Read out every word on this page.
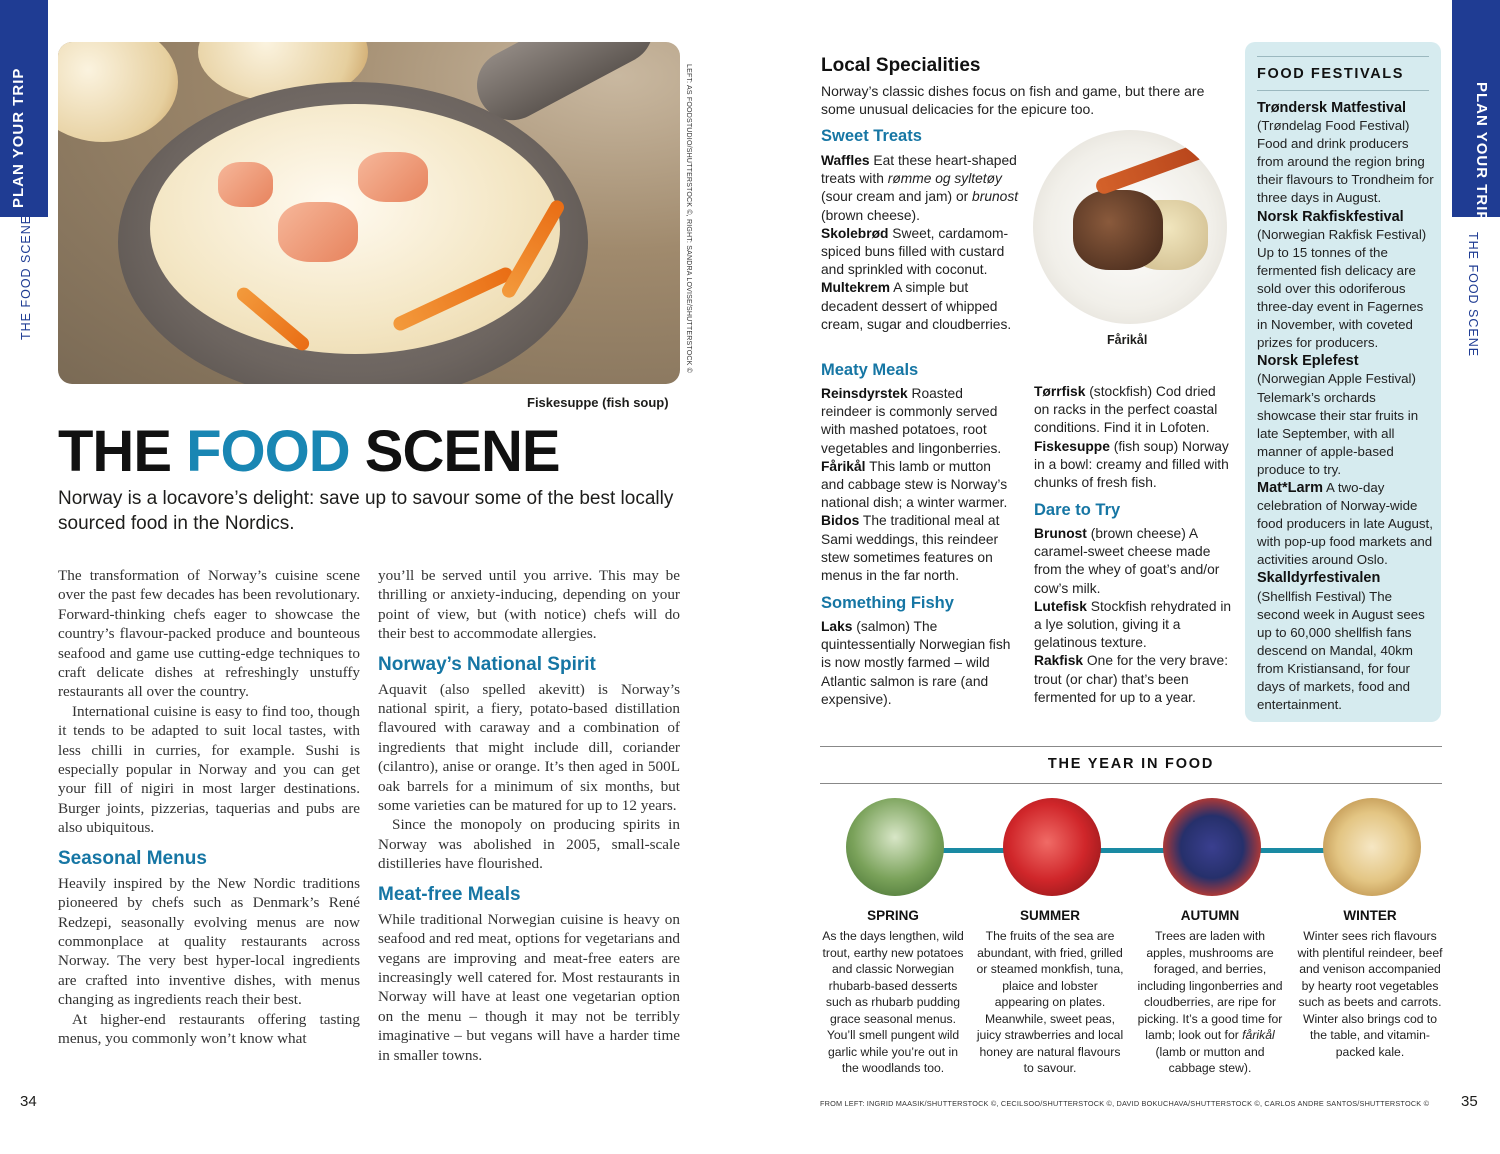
PLAN YOUR TRIP
THE FOOD SCENE
PLAN YOUR TRIP
THE FOOD SCENE
34	35
LEFT: AS FOODSTUDIO/SHUTTERSTOCK ©, RIGHT: SANDRA LOVISE/SHUTTERSTOCK ©
Fiskesuppe (fish soup)
THE FOOD SCENE

Norway is a locavore’s delight: save up to savour some of the best locally sourced food in the Nordics.

The transformation of Norway’s cuisine scene over the past few decades has been revolutionary. Forward-thinking chefs eager to showcase the country’s flavour-packed produce and bounteous seafood and game use cutting-edge techniques to craft delicate dishes at refreshingly unstuffy restaurants all over the country.

International cuisine is easy to find too, though it tends to be adapted to suit local tastes, with less chilli in curries, for example. Sushi is especially popular in Norway and you can get your fill of nigiri in most larger destinations. Burger joints, pizzerias, taquerias and pubs are also ubiquitous.

Seasonal Menus

Heavily inspired by the New Nordic traditions pioneered by chefs such as Denmark’s René Redzepi, seasonally evolving menus are now commonplace at quality restaurants across Norway. The very best hyper-local ingredients are crafted into inventive dishes, with menus changing as ingredients reach their best.

At higher-end restaurants offering tasting menus, you commonly won’t know what

you’ll be served until you arrive. This may be thrilling or anxiety-inducing, depending on your point of view, but (with notice) chefs will do their best to accommodate allergies.

Norway’s National Spirit

Aquavit (also spelled akevitt) is Norway’s national spirit, a fiery, potato-based distillation flavoured with caraway and a combination of ingredients that might include dill, coriander (cilantro), anise or orange. It’s then aged in 500L oak barrels for a minimum of six months, but some varieties can be matured for up to 12 years.

Since the monopoly on producing spirits in Norway was abolished in 2005, small-scale distilleries have flourished.

Meat-free Meals

While traditional Norwegian cuisine is heavy on seafood and red meat, options for vegetarians and vegans are improving and meat-free eaters are increasingly well catered for. Most restaurants in Norway will have at least one vegetarian option on the menu – though it may not be terribly imaginative – but vegans will have a harder time in smaller towns.

Local Specialities
Norway’s classic dishes focus on fish and game, but there are some unusual delicacies for the epicure too.
Sweet Treats
Waffles Eat these heart-shaped treats with rømme og syltetøy (sour cream and jam) or brunost (brown cheese).
Skolebrød Sweet, cardamom-spiced buns filled with custard and sprinkled with coconut.
Multekrem A simple but decadent dessert of whipped cream, sugar and cloudberries.
Fårikål
Meaty Meals
Reinsdyrstek Roasted reindeer is commonly served with mashed potatoes, root vegetables and lingonberries.
Fårikål This lamb or mutton and cabbage stew is Norway’s national dish; a winter warmer.
Bidos The traditional meal at Sami weddings, this reindeer stew sometimes features on menus in the far north.
Tørrfisk (stockfish) Cod dried on racks in the perfect coastal conditions. Find it in Lofoten.
Fiskesuppe (fish soup) Norway in a bowl: creamy and filled with chunks of fresh fish.
Something Fishy
Laks (salmon) The quintessentially Norwegian fish is now mostly farmed – wild Atlantic salmon is rare (and expensive).
Dare to Try
Brunost (brown cheese) A caramel-sweet cheese made from the whey of goat’s and/or cow’s milk.
Lutefisk Stockfish rehydrated in a lye solution, giving it a gelatinous texture.
Rakfisk One for the very brave: trout (or char) that’s been fermented for up to a year.
FOOD FESTIVALS
Trøndersk Matfestival
(Trøndelag Food Festival) Food and drink producers from around the region bring their flavours to Trondheim for three days in August.
Norsk Rakfiskfestival
(Norwegian Rakfisk Festival) Up to 15 tonnes of the fermented fish delicacy are sold over this odoriferous three-day event in Fagernes in November, with coveted prizes for producers.
Norsk Eplefest
(Norwegian Apple Festival) Telemark’s orchards showcase their star fruits in late September, with all manner of apple-based produce to try.
Mat*Larm A two-day celebration of Norway-wide food producers in late August, with pop-up food markets and activities around Oslo.
Skalldyrfestivalen
(Shellfish Festival) The second week in August sees up to 60,000 shellfish fans descend on Mandal, 40km from Kristiansand, for four days of markets, food and entertainment.
THE YEAR IN FOOD
SPRING	SUMMER	AUTUMN	WINTER
As the days lengthen, wild trout, earthy new potatoes and classic Norwegian rhubarb-based desserts such as rhubarb pudding grace seasonal menus. You’ll smell pungent wild garlic while you’re out in the woodlands too.
The fruits of the sea are abundant, with fried, grilled or steamed monkfish, tuna, plaice and lobster appearing on plates. Meanwhile, sweet peas, juicy strawberries and local honey are natural flavours to savour.
Trees are laden with apples, mushrooms are foraged, and berries, including lingonberries and cloudberries, are ripe for picking. It’s a good time for lamb; look out for fårikål (lamb or mutton and cabbage stew).
Winter sees rich flavours with plentiful reindeer, beef and venison accompanied by hearty root vegetables such as beets and carrots. Winter also brings cod to the table, and vitamin-packed kale.
FROM LEFT: INGRID MAASIK/SHUTTERSTOCK ©, CECILSOO/SHUTTERSTOCK ©, DAVID BOKUCHAVA/SHUTTERSTOCK ©, CARLOS ANDRE SANTOS/SHUTTERSTOCK ©
